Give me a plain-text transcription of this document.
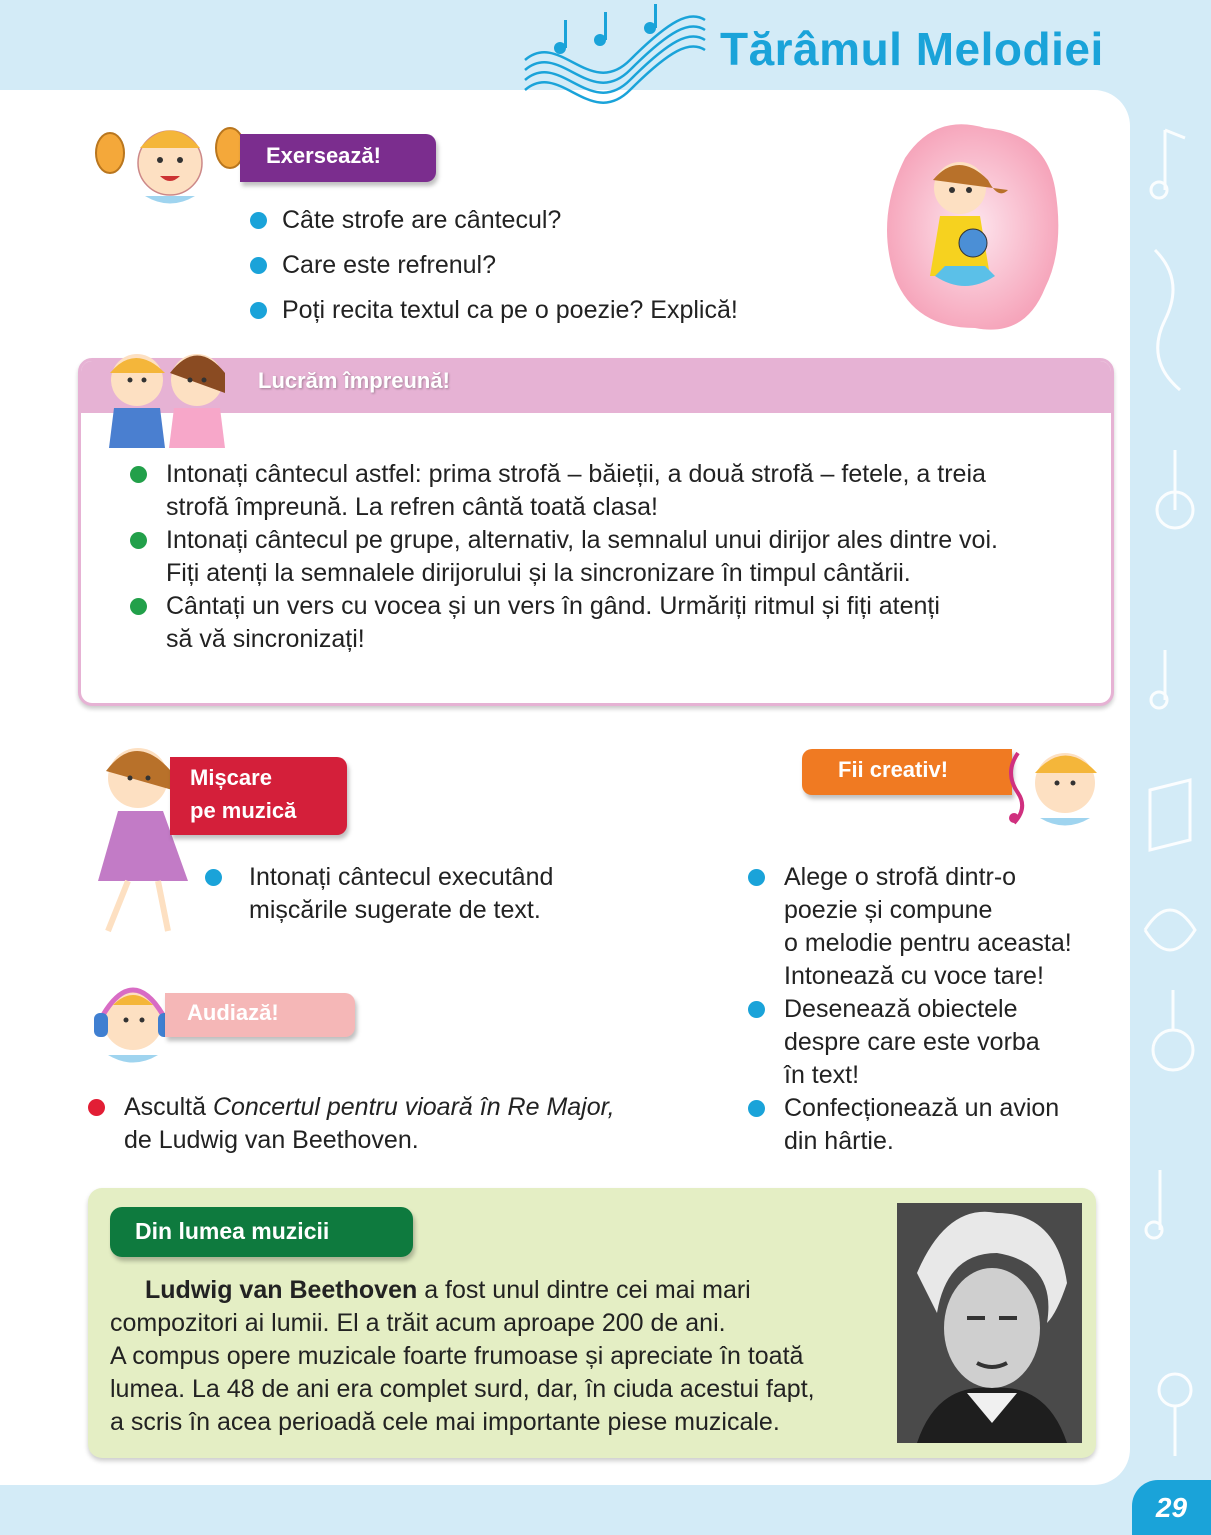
Tărâmul Melodiei
Exersează!
Câte strofe are cântecul?
Care este refrenul?
Poți recita textul ca pe o poezie? Explică!
Lucrăm împreună!
Intonați cântecul astfel: prima strofă – băieții, a două strofă – fetele, a treia
strofă împreună. La refren cântă toată clasa!
Intonați cântecul pe grupe, alternativ, la semnalul unui dirijor ales dintre voi.
Fiți atenți la semnalele dirijorului și la sincronizare în timpul cântării.
Cântați un vers cu vocea și un vers în gând. Urmăriți ritmul și fiți atenți
să vă sincronizați!
Mișcare
pe muzică
Intonați cântecul executând
mișcările sugerate de text.
Audiază!
Ascultă Concertul pentru vioară în Re Major,
de Ludwig van Beethoven.
Fii creativ!
Alege o strofă dintr-o
poezie și compune
o melodie pentru aceasta!
Intonează cu voce tare!
Desenează obiectele
despre care este vorba
în text!
Confecționează un avion
din hârtie.
Din lumea muzicii
Ludwig van Beethoven a fost unul dintre cei mai mari
compozitori ai lumii. El a trăit acum aproape 200 de ani.
A compus opere muzicale foarte frumoase și apreciate în toată
lumea. La 48 de ani era complet surd, dar, în ciuda acestui fapt,
a scris în acea perioadă cele mai importante piese muzicale.
29
